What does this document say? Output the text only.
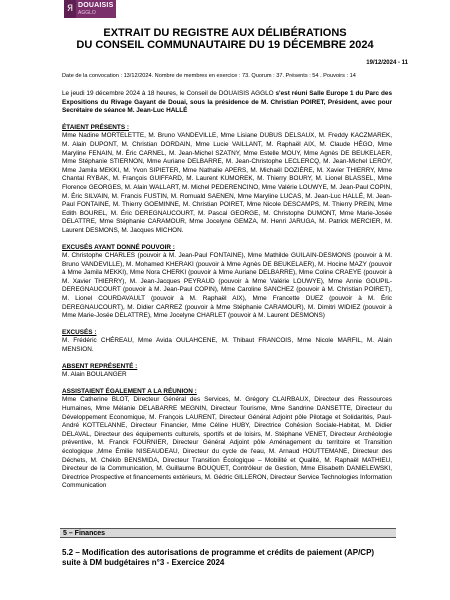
Я DOUAISIS
AGGLO
EXTRAIT DU REGISTRE AUX DÉLIBÉRATIONS
DU CONSEIL COMMUNAUTAIRE DU 19 DÉCEMBRE 2024
19/12/2024 - 11
Date de la convocation : 13/12/2024. Nombre de membres en exercice : 73. Quorum : 37. Présents : 54 . Pouvoirs : 14

Le jeudi 19 décembre 2024 à 18 heures, le Conseil de DOUAISIS AGGLO s'est réuni Salle Europe 1 du Parc des Expositions du Rivage Gayant de Douai, sous la présidence de M. Christian POIRET, Président, avec pour Secrétaire de séance M. Jean-Luc HALLÉ

ÉTAIENT PRÉSENTS :

Mme Nadine MORTELETTE, M. Bruno VANDEVILLE, Mme Lisiane DUBUS DELSAUX, M. Freddy KACZMAREK, M. Alain DUPONT, M. Christian DORDAIN, Mme Lucie VAILLANT, M. Raphaël AIX, M. Claude HÉGO, Mme Maryline FENAIN, M. Éric CARNEL, M. Jean-Michel SZATNY, Mme Estelle MOUY, Mme Agnès DE BEUKELAER, Mme Stéphanie STIERNON, Mme Auriane DELBARRE, M. Jean-Christophe LECLERCQ, M. Jean-Michel LEROY, Mme Jamila MEKKI, M. Yvon SIPIETER, Mme Nathalie APERS, M. Michaël DOZIÈRE, M. Xavier THIERRY, Mme Chantal RYBAK, M. François GUIFFARD, M. Laurent KUMOREK, M. Thierry BOURY, M. Lionel BLASSEL, Mme Florence GEORGES, M. Alain WALLART, M. Michel PEDERENCINO, Mme Valérie LOUWYE, M. Jean-Paul COPIN, M. Éric SILVAIN, M. Francis FUSTIN, M. Romuald SAENEN, Mme Maryline LUCAS, M. Jean-Luc HALLÉ, M. Jean-Paul FONTAINE, M. Thierry GOEMINNE, M. Christian POIRET, Mme Nicole DESCAMPS, M. Thierry PREIN, Mme Edith BOUREL, M. Éric DEREGNAUCOURT, M. Pascal GEORGE, M. Christophe DUMONT, Mme Marie-Josée DELATTRE, Mme Stéphanie CARAMOUR, Mme Jocelyne GEMZA, M. Henri JARUGA, M. Patrick MERCIER, M. Laurent DESMONS, M. Jacques MICHON.

EXCUSÉS AYANT DONNÉ POUVOIR :

M. Christophe CHARLES (pouvoir à M. Jean-Paul FONTAINE), Mme Mathilde GUILAIN-DESMONS (pouvoir à M. Bruno VANDEVILLE), M. Mohamed KHERAKI (pouvoir à Mme Agnès DE BEUKELAER), M. Hocine MAZY (pouvoir à Mme Jamila MEKKI), Mme Nora CHERKI (pouvoir à Mme Auriane DELBARRE), Mme Coline CRAEYE (pouvoir à M. Xavier THIERRY), M. Jean-Jacques PEYRAUD (pouvoir à Mme Valérie LOUWYE), Mme Annie GOUPIL-DEREGNAUCOURT (pouvoir à M. Jean-Paul COPIN), Mme Caroline SANCHEZ (pouvoir à M. Christian POIRET), M. Lionel COURDAVAULT (pouvoir à M. Raphaël AIX), Mme Francette DUEZ (pouvoir à M. Éric DEREGNAUCOURT), M. Didier CARREZ (pouvoir à Mme Stéphanie CARAMOUR), M. Dimitri WIDIEZ (pouvoir à Mme Marie-Josée DELATTRE), Mme Jocelyne CHARLET (pouvoir à M. Laurent DESMONS)

EXCUSÉS :

M. Frédéric CHÉREAU, Mme Avida OULAHCENE, M. Thibaut FRANCOIS, Mme Nicole MARFIL, M. Alain MENSION.

ABSENT REPRÉSENTÉ :

M. Alain BOULANGER

ASSISTAIENT ÉGALEMENT A LA RÉUNION :

Mme Catherine BLOT, Directeur Général des Services, M. Grégory CLAIRBAUX, Directeur des Ressources Humaines, Mme Mélanie DELABARRE MEGNIN, Directeur Tourisme, Mme Sandrine DANSETTE, Directeur du Développement Economique, M. François LAURENT, Directeur Général Adjoint pôle Pilotage et Solidarités, Paul-André KOTTELANNE, Directeur Financier, Mme Céline HUBY, Directrice Cohésion Sociale-Habitat, M. Didier DELAVAL, Directeur des équipements culturels, sportifs et de loisirs, M. Stéphane VENET, Directeur Archéologie préventive, M. Franck FOURNIER, Directeur Général Adjoint pôle Aménagement du territoire et Transition écologique ,Mme Émilie NISEAUDEAU, Directeur du cycle de l'eau, M. Arnaud HOUTTEMANE, Directeur des Déchets, M. Chékib BENSMIDA, Directeur Transition Écologique – Mobilité et Qualité, M. Raphaël MATHIEU, Directeur de la Communication, M. Guillaume BOUQUET, Contrôleur de Gestion, Mme Elisabeth DANIELEWSKI, Directrice Prospective et financements extérieurs, M. Gédric GILLERON, Directeur Service Technologies Information Communication

5 – Finances
5.2 – Modification des autorisations de programme et crédits de paiement (AP/CP) suite à DM budgétaires n°3 - Exercice 2024
